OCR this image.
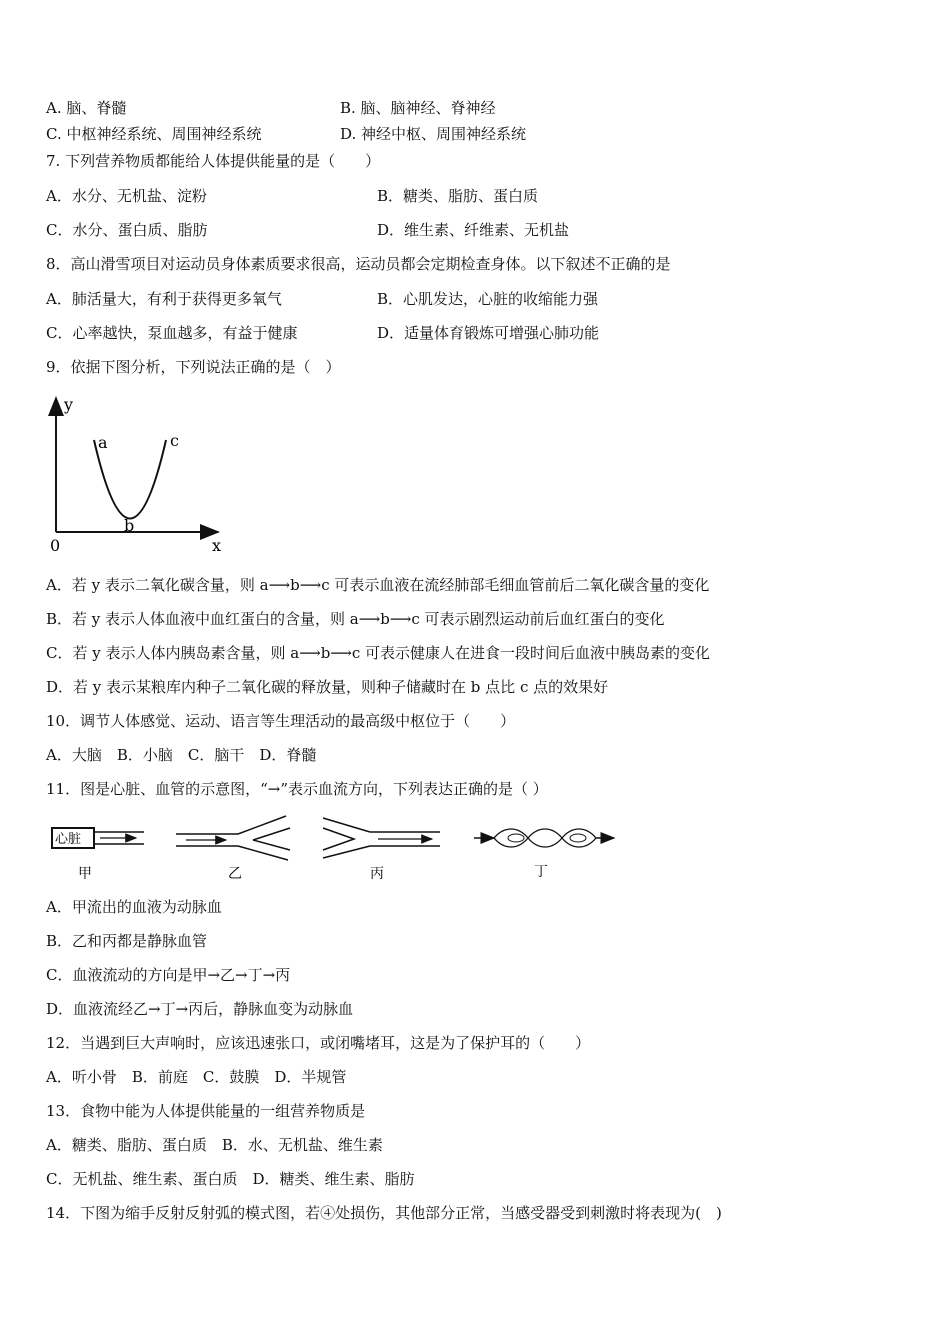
A. 脑、脊髓	B. 脑、脑神经、脊神经
C. 中枢神经系统、周围神经系统	D. 神经中枢、周围神经系统
7. 下列营养物质都能给人体提供能量的是（　　）
A．水分、无机盐、淀粉	B．糖类、脂肪、蛋白质
C．水分、蛋白质、脂肪	D．维生素、纤维素、无机盐
8．高山滑雪项目对运动员身体素质要求很高，运动员都会定期检查身体。以下叙述不正确的是
A．肺活量大，有利于获得更多氧气	B．心肌发达，心脏的收缩能力强
C．心率越快，泵血越多，有益于健康	D．适量体育锻炼可增强心肺功能
9．依据下图分析，下列说法正确的是（　）
y
x
0
a
b
c
A．若 y 表示二氧化碳含量，则 a⟶b⟶c 可表示血液在流经肺部毛细血管前后二氧化碳含量的变化
B．若 y 表示人体血液中血红蛋白的含量，则 a⟶b⟶c 可表示剧烈运动前后血红蛋白的变化
C．若 y 表示人体内胰岛素含量，则 a⟶b⟶c 可表示健康人在进食一段时间后血液中胰岛素的变化
D．若 y 表示某粮库内种子二氧化碳的释放量，则种子储藏时在 b 点比 c 点的效果好
10．调节人体感觉、运动、语言等生理活动的最高级中枢位于（　　）
A．大脑　B．小脑　C．脑干　D．脊髓
11．图是心脏、血管的示意图，“→”表示血流方向，下列表达正确的是（ ）
心脏
甲	乙	丙	丁
A．甲流出的血液为动脉血
B．乙和丙都是静脉血管
C．血液流动的方向是甲→乙→丁→丙
D．血液流经乙→丁→丙后，静脉血变为动脉血
12．当遇到巨大声响时，应该迅速张口，或闭嘴堵耳，这是为了保护耳的（　　）
A．听小骨　B．前庭　C．鼓膜　D．半规管
13．食物中能为人体提供能量的一组营养物质是
A．糖类、脂肪、蛋白质　B．水、无机盐、维生素
C．无机盐、维生素、蛋白质　D．糖类、维生素、脂肪
14．下图为缩手反射反射弧的模式图，若④处损伤，其他部分正常，当感受器受到刺激时将表现为(　)
